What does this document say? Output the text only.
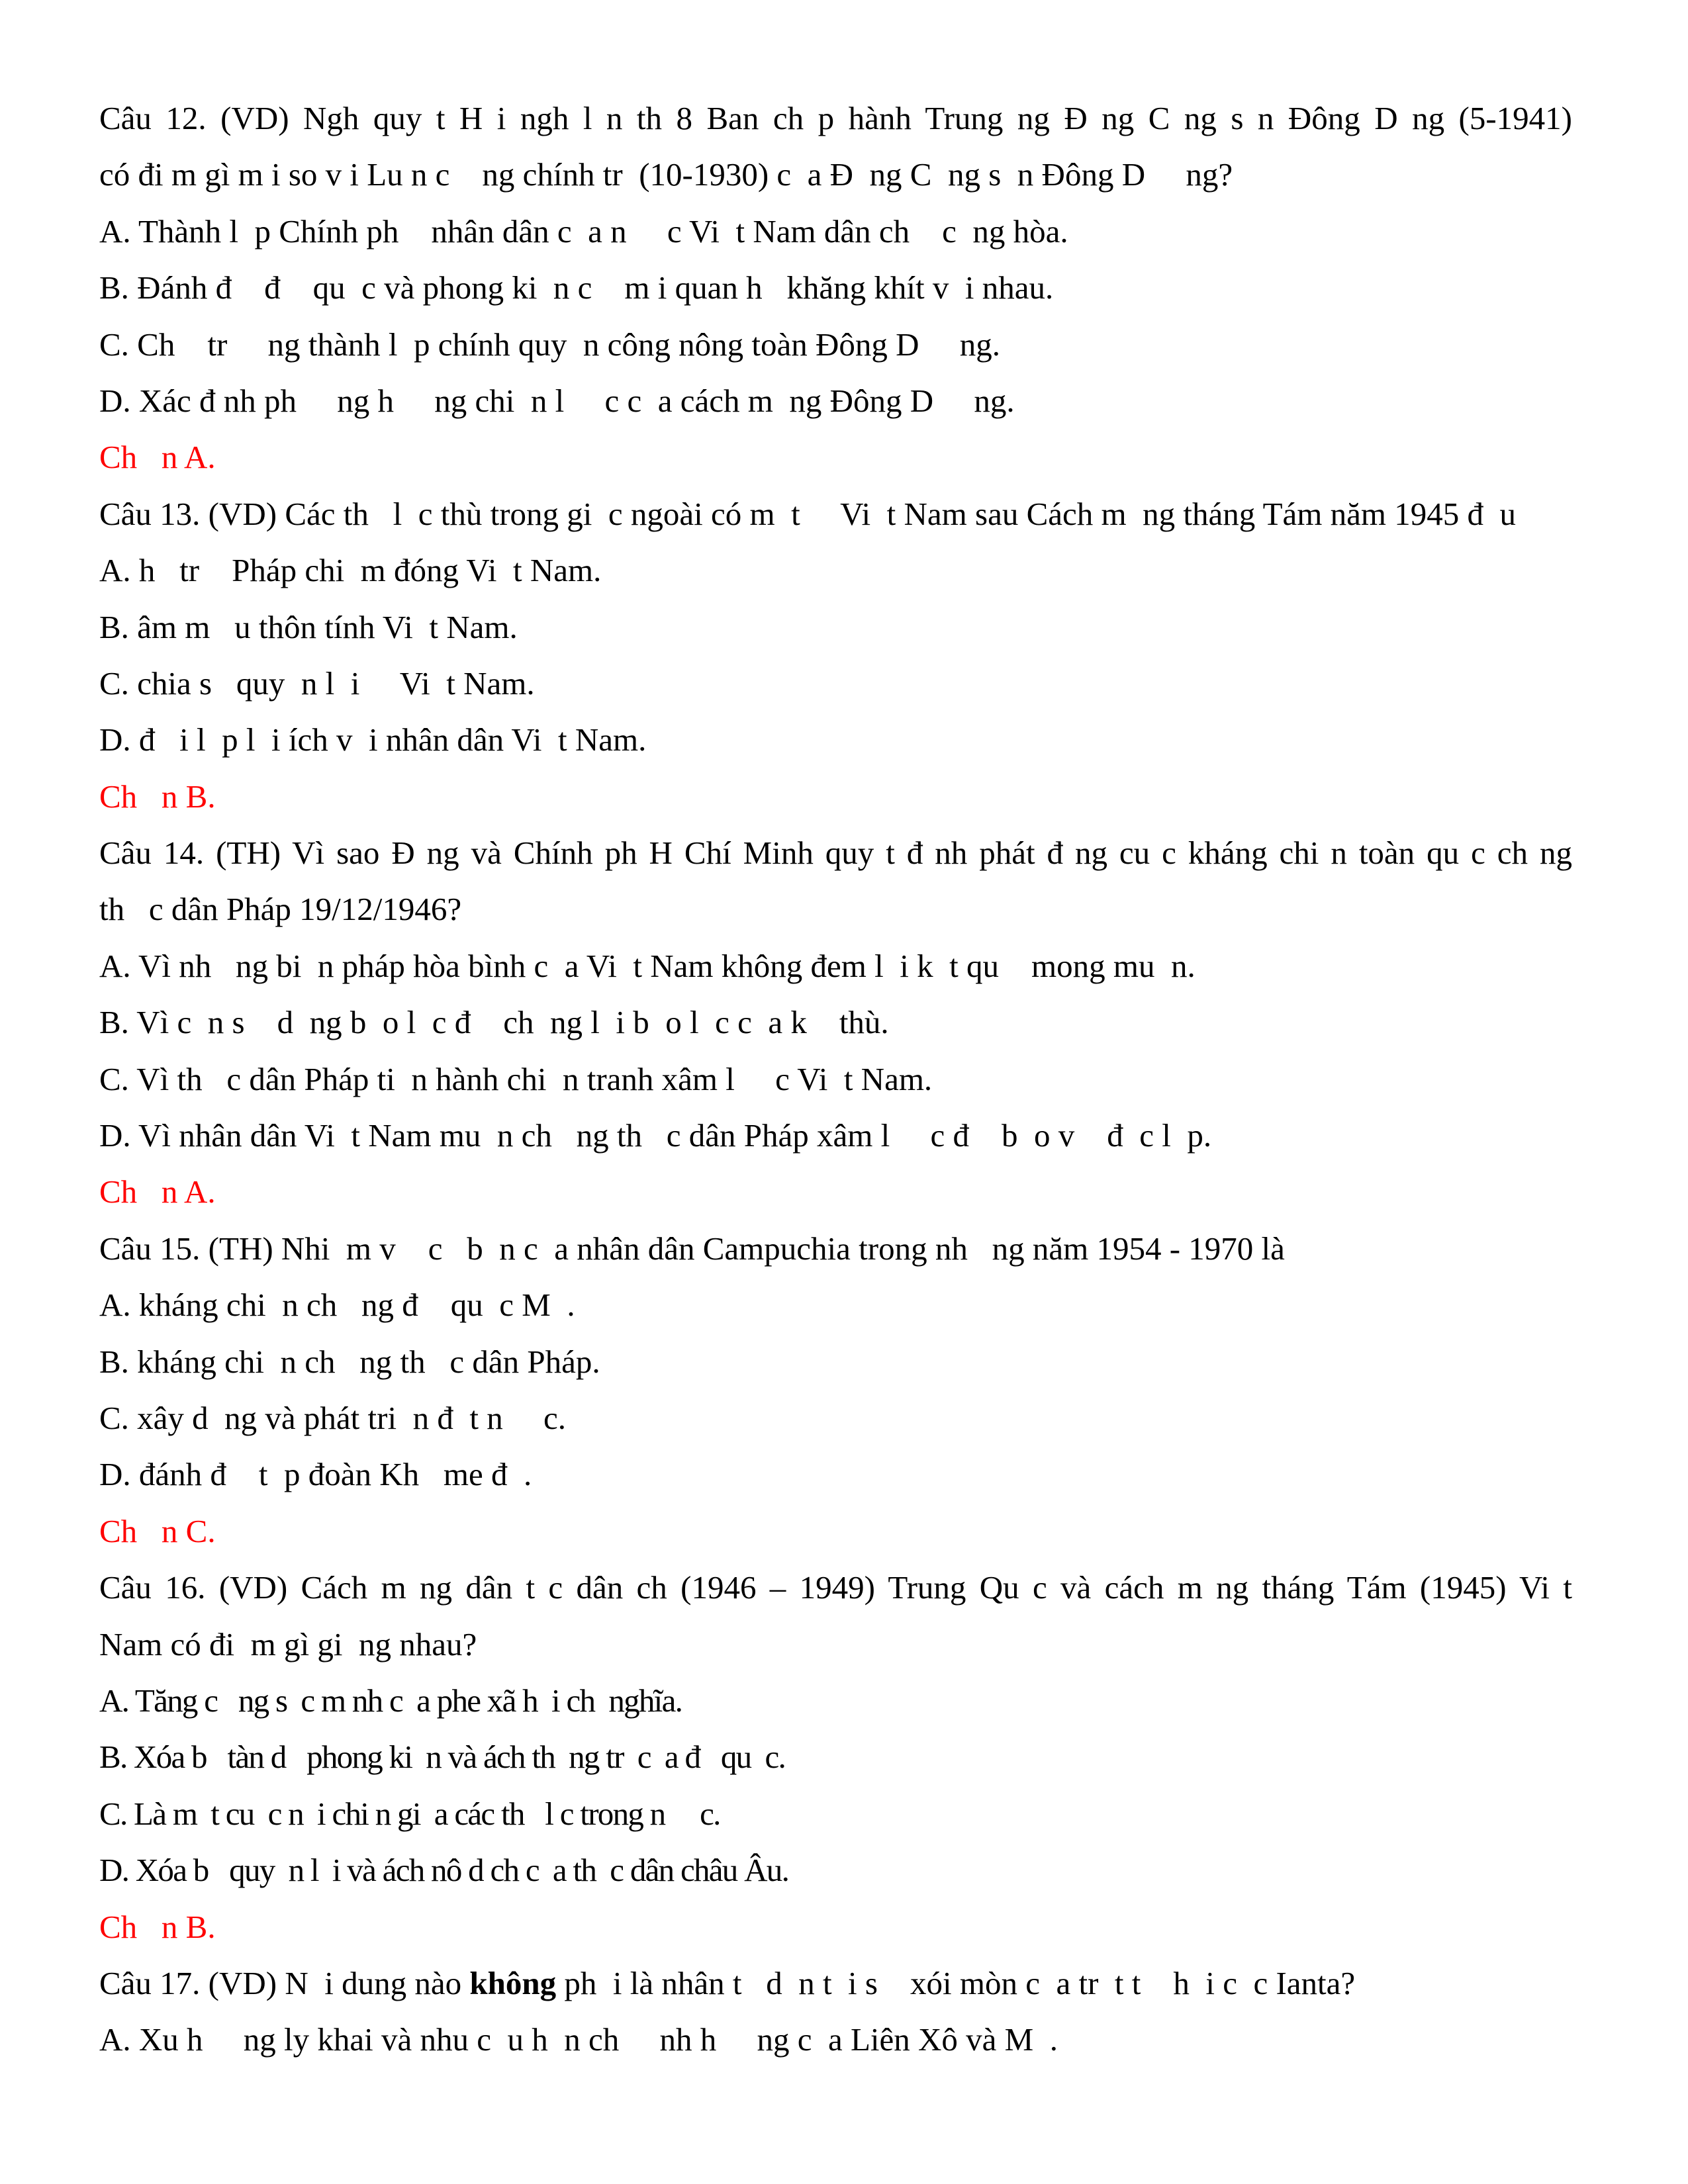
Câu 12. (VD) Ngh quy t H i ngh l n th 8 Ban ch p hành Trung ng Đ ng C ng s n Đông D ng (5-1941)
có đi m gì m i so v i Lu n c    ng chính tr  (10-1930) c  a Đ  ng C  ng s  n Đông D     ng?
A. Thành l  p Chính ph    nhân dân c  a n     c Vi  t Nam dân ch    c  ng hòa.
B. Đánh đ    đ    qu  c và phong ki  n c    m i quan h   khăng khít v  i nhau.
C. Ch    tr     ng thành l  p chính quy  n công nông toàn Đông D     ng.
D. Xác đ nh ph     ng h     ng chi  n l     c c  a cách m  ng Đông D     ng.
Ch   n A.
Câu 13. (VD) Các th   l  c thù trong gi  c ngoài có m  t     Vi  t Nam sau Cách m  ng tháng Tám năm 1945 đ  u
A. h   tr    Pháp chi  m đóng Vi  t Nam.
B. âm m   u thôn tính Vi  t Nam.
C. chia s   quy  n l  i     Vi  t Nam.
D. đ   i l  p l  i ích v  i nhân dân Vi  t Nam.
Ch   n B.
Câu 14. (TH) Vì sao Đ ng và Chính ph H Chí Minh quy t đ nh phát đ ng cu c kháng chi n toàn qu c ch ng
th   c dân Pháp 19/12/1946?
A. Vì nh   ng bi  n pháp hòa bình c  a Vi  t Nam không đem l  i k  t qu    mong mu  n.
B. Vì c  n s    d  ng b  o l  c đ    ch  ng l  i b  o l  c c  a k    thù.
C. Vì th   c dân Pháp ti  n hành chi  n tranh xâm l     c Vi  t Nam.
D. Vì nhân dân Vi  t Nam mu  n ch   ng th   c dân Pháp xâm l     c đ    b  o v    đ  c l  p.
Ch   n A.
Câu 15. (TH) Nhi  m v    c   b  n c  a nhân dân Campuchia trong nh   ng năm 1954 - 1970 là
A. kháng chi  n ch   ng đ    qu  c M  .
B. kháng chi  n ch   ng th   c dân Pháp.
C. xây d  ng và phát tri  n đ  t n     c.
D. đánh đ    t  p đoàn Kh   me đ  .
Ch   n C.
Câu 16. (VD) Cách m ng dân t c dân ch (1946 – 1949) Trung Qu c và cách m ng tháng Tám (1945) Vi t
Nam có đi  m gì gi  ng nhau?
A. Tăng c   ng s  c m nh c  a phe xã h  i ch  nghĩa.
B. Xóa b   tàn d   phong ki  n và ách th  ng tr  c  a đ   qu  c.
C. Là m  t cu  c n  i chi n gi  a các th   l c trong n     c.
D. Xóa b   quy  n l  i và ách nô d ch c  a th  c dân châu Âu.
Ch   n B.
Câu 17. (VD) N  i dung nào không ph  i là nhân t   d  n t  i s    xói mòn c  a tr  t t    h  i c  c Ianta?
A. Xu h     ng ly khai và nhu c  u h  n ch     nh h     ng c  a Liên Xô và M  .
